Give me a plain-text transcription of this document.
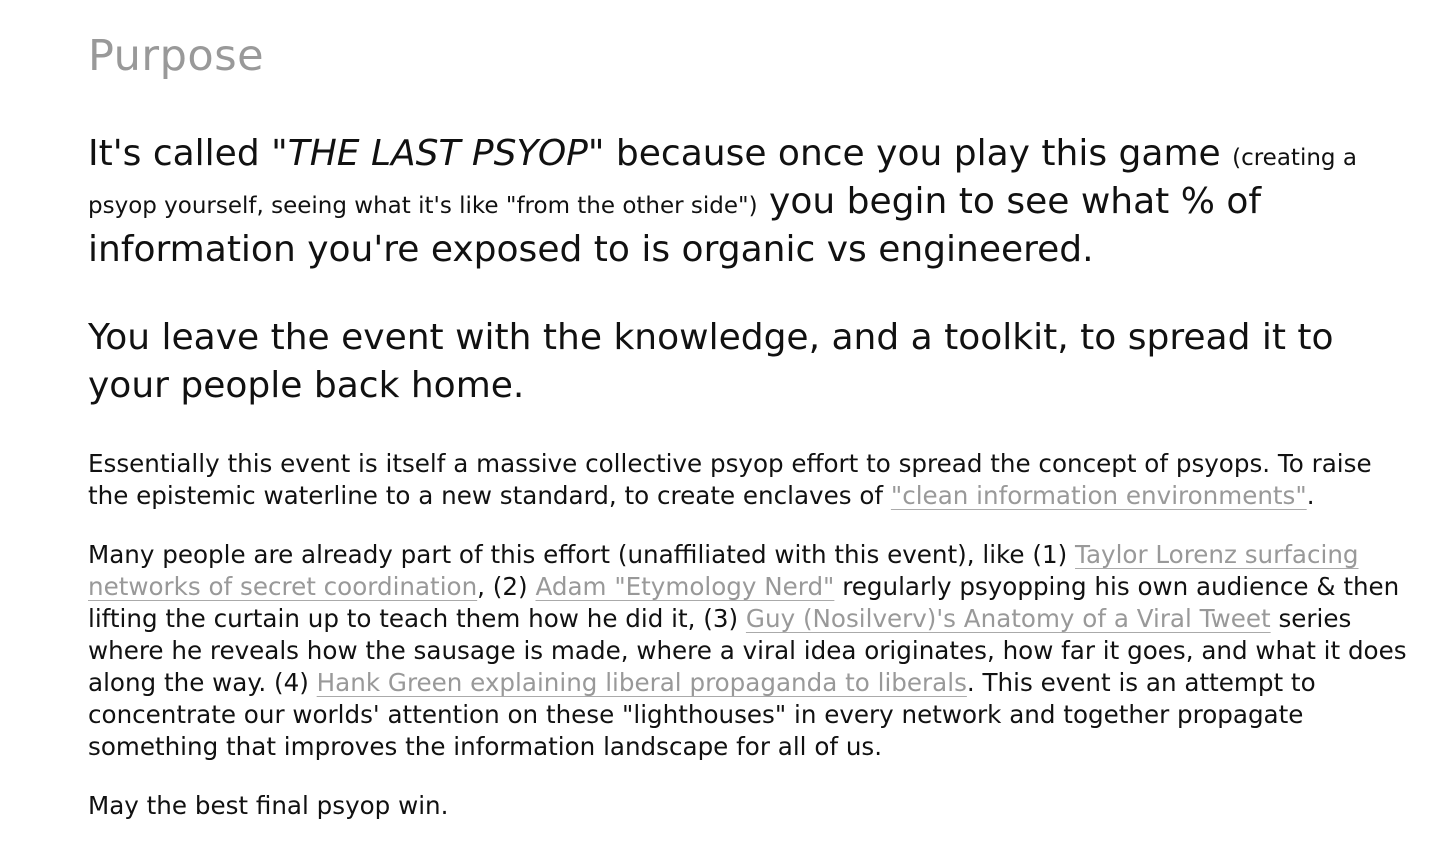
Purpose

It's called "THE LAST PSYOP" because once you play this game (creating a psyop yourself, seeing what it's like "from the other side") you begin to see what % of information you're exposed to is organic vs engineered.

You leave the event with the knowledge, and a toolkit, to spread it to your people back home.

Essentially this event is itself a massive collective psyop effort to spread the concept of psyops. To raise the epistemic waterline to a new standard, to create enclaves of "clean information environments".

Many people are already part of this effort (unaffiliated with this event), like (1) Taylor Lorenz surfacing networks of secret coordination, (2) Adam "Etymology Nerd" regularly psyopping his own audience & then lifting the curtain up to teach them how he did it, (3) Guy (Nosilverv)'s Anatomy of a Viral Tweet series where he reveals how the sausage is made, where a viral idea originates, how far it goes, and what it does along the way. (4) Hank Green explaining liberal propaganda to liberals. This event is an attempt to concentrate our worlds' attention on these "lighthouses" in every network and together propagate something that improves the information landscape for all of us.

May the best final psyop win.
